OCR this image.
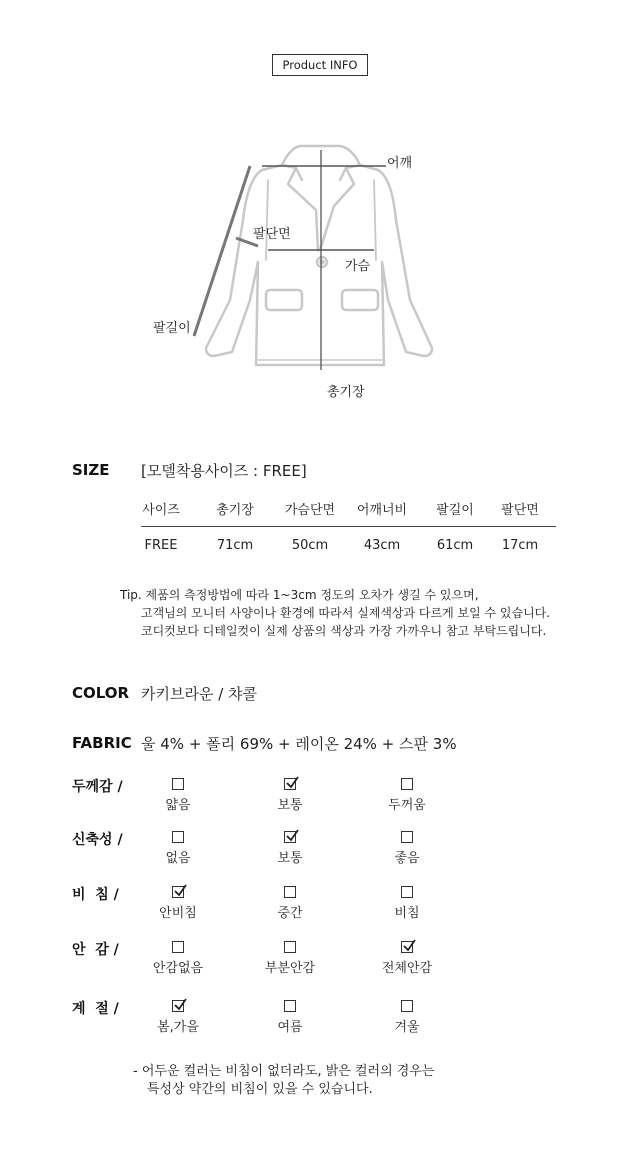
Product INFO
어깨
팔단면
가슴
팔길이
총기장
SIZE [모델착용사이즈 : FREE]
사이즈	총기장	가슴단면	어깨너비	팔길이	팔단면
FREE	71cm	50cm	43cm	61cm	17cm
Tip. 제품의 측정방법에 따라 1~3cm 정도의 오차가 생길 수 있으며,
고객님의 모니터 사양이나 환경에 따라서 실제색상과 다르게 보일 수 있습니다.
코디컷보다 디테일컷이 실제 상품의 색상과 가장 가까우니 참고 부탁드립니다.
COLOR 카키브라운 / 챠콜
FABRIC 울 4% + 폴리 69% + 레이온 24% + 스판 3%
두께감 /
얇음	보통	두꺼움
신축성 /
없음	보통	좋음
비  침 /
안비침	중간	비침
안  감 /
안감없음	부분안감	전체안감
계  절 /
봄,가을	여름	겨울
- 어두운 컬러는 비침이 없더라도, 밝은 컬러의 경우는
특성상 약간의 비침이 있을 수 있습니다.
